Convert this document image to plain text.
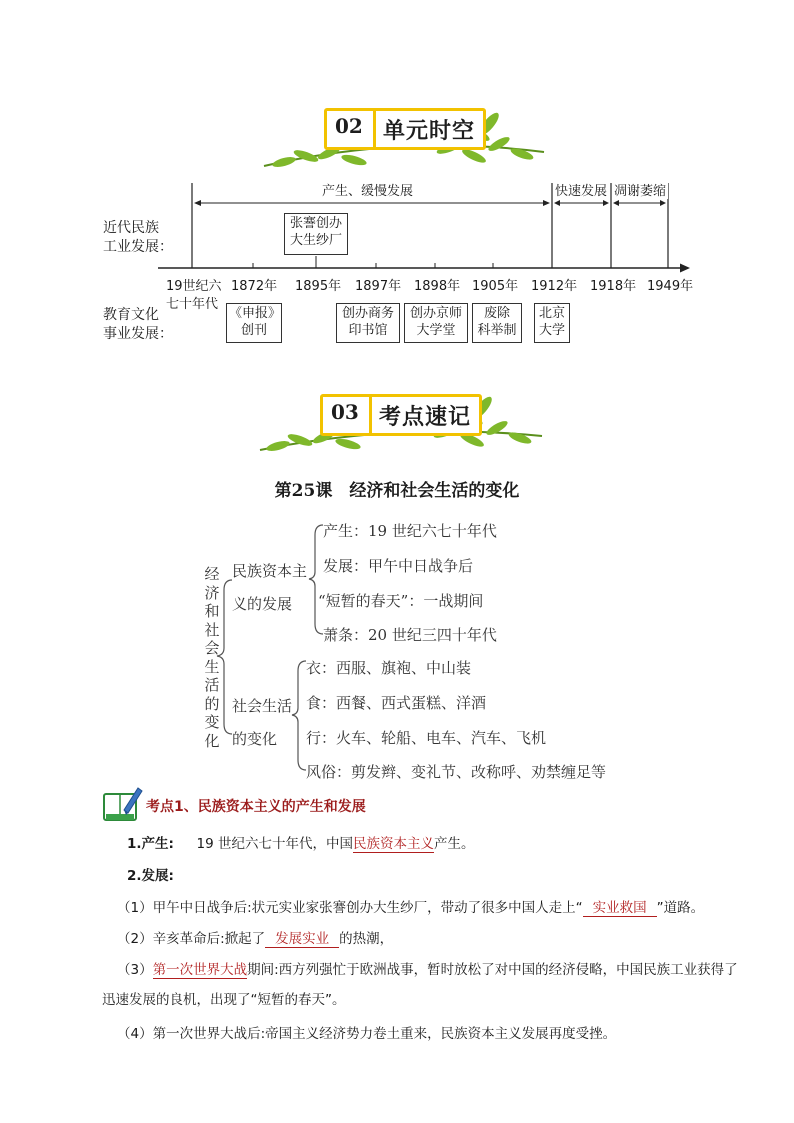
02 单元时空
近代民族
工业发展：
教育文化
事业发展：
产生、缓慢发展	快速发展 凋谢萎缩
张謇创办
大生纱厂
19世纪六
七十年代
1872年 1895年 1897年 1898年 1905年 1912年 1918年 1949年
《申报》
创刊
创办商务
印书馆
创办京师
大学堂
废除
科举制
北京
大学
03 考点速记
第25课　经济和社会生活的变化
经济和社会生活的变化
民族资本主
义的发展
社会生活
的变化
产生：19 世纪六七十年代
发展：甲午中日战争后
“短暂的春天”：一战期间
萧条：20 世纪三四十年代
衣：西服、旗袍、中山装
食：西餐、西式蛋糕、洋酒
行：火车、轮船、电车、汽车、飞机
风俗：剪发辫、变礼节、改称呼、劝禁缠足等
考点1、民族资本主义的产生和发展
1.产生: 19 世纪六七十年代，中国民族资本主义产生。
2.发展:
（1）甲午中日战争后:状元实业家张謇创办大生纱厂，带动了很多中国人走上“ 实业救国 ”道路。
（2）辛亥革命后:掀起了 发展实业 的热潮，
（3）第一次世界大战期间:西方列强忙于欧洲战事，暂时放松了对中国的经济侵略，中国民族工业获得了
迅速发展的良机，出现了“短暂的春天”。
（4）第一次世界大战后:帝国主义经济势力卷土重来，民族资本主义发展再度受挫。
